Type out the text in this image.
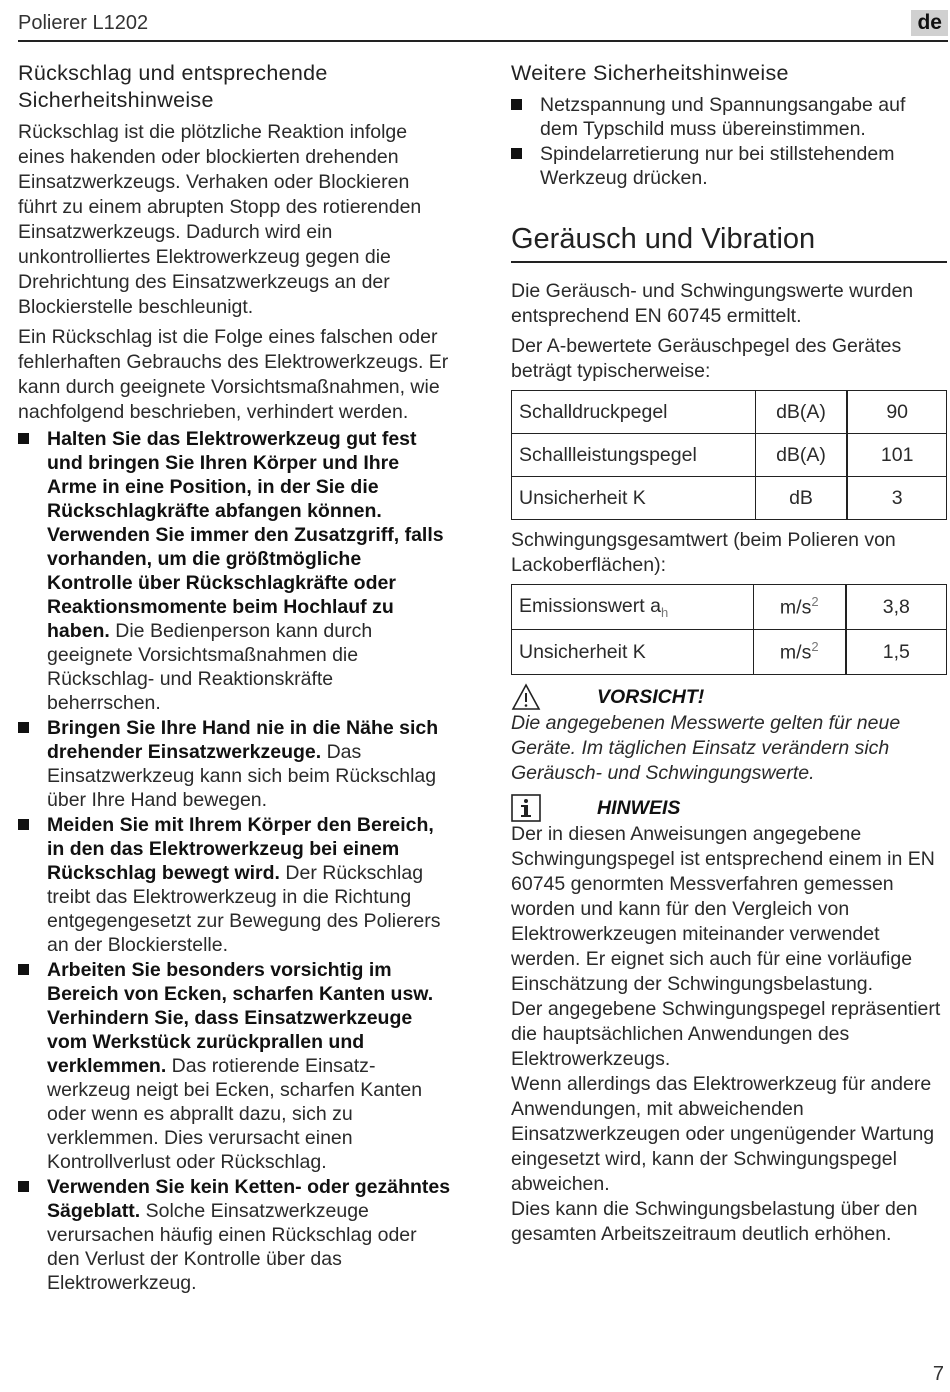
Polierer L1202	de
Rückschlag und entsprechende
Sicherheitshinweise

Rückschlag ist die plötzliche Reaktion infolge eines hakenden oder blockierten drehenden Einsatzwerkzeugs. Verhaken oder Blockieren führt zu einem abrupten Stopp des rotierenden Einsatzwerkzeugs. Dadurch wird ein unkontrolliertes Elektrowerkzeug gegen die Drehrichtung des Einsatzwerkzeugs an der Blockierstelle beschleunigt.

Ein Rückschlag ist die Folge eines falschen oder fehlerhaften Gebrauchs des Elektrowerkzeugs. Er kann durch geeignete Vorsichtsmaßnahmen, wie nachfolgend beschrieben, verhindert werden.

Halten Sie das Elektrowerkzeug gut fest und bringen Sie Ihren Körper und Ihre Arme in eine Position, in der Sie die Rückschlagkräfte abfangen können. Verwenden Sie immer den Zusatzgriff, falls vorhanden, um die größtmögliche Kontrolle über Rückschlagkräfte oder Reaktionsmomente beim Hochlauf zu haben. Die Bedienperson kann durch geeignete Vorsichtsmaßnahmen die Rückschlag- und Reaktionskräfte beherrschen.
Bringen Sie Ihre Hand nie in die Nähe sich drehender Einsatzwerkzeuge. Das Einsatzwerkzeug kann sich beim Rückschlag über Ihre Hand bewegen.
Meiden Sie mit Ihrem Körper den Bereich, in den das Elektrowerkzeug bei einem Rückschlag bewegt wird. Der Rückschlag treibt das Elektrowerkzeug in die Richtung entgegengesetzt zur Bewegung des Polierers an der Blockierstelle.
Arbeiten Sie besonders vorsichtig im Bereich von Ecken, scharfen Kanten usw. Verhindern Sie, dass Einsatzwerkzeuge vom Werkstück zurückprallen und verklemmen. Das rotierende Einsatzwerkzeug neigt bei Ecken, scharfen Kanten oder wenn es abprallt dazu, sich zu verklemmen. Dies verursacht einen Kontrollverlust oder Rückschlag.
Verwenden Sie kein Ketten- oder gezähntes Sägeblatt. Solche Einsatzwerkzeuge verursachen häufig einen Rückschlag oder den Verlust der Kontrolle über das Elektrowerkzeug.
Weitere Sicherheitshinweise
Netzspannung und Spannungsangabe auf dem Typschild muss übereinstimmen.
Spindelarretierung nur bei stillstehendem Werkzeug drücken.
Geräusch und Vibration

Die Geräusch- und Schwingungswerte wurden entsprechend EN 60745 ermittelt.

Der A-bewertete Geräuschpegel des Gerätes beträgt typischerweise:

Schalldruckpegel	dB(A)	90
Schallleistungspegel	dB(A)	101
Unsicherheit K	dB	3

Schwingungsgesamtwert (beim Polieren von Lackoberflächen):

Emissionswert $a_h$	$m/s^2$	3,8
Unsicherheit K	$m/s^2$	1,5
VORSICHT!

Die angegebenen Messwerte gelten für neue Geräte. Im täglichen Einsatz verändern sich Geräusch- und Schwingungswerte.

HINWEIS

Der in diesen Anweisungen angegebene Schwingungspegel ist entsprechend einem in EN 60745 genormten Messverfahren gemessen worden und kann für den Vergleich von Elektrowerkzeugen miteinander verwendet werden. Er eignet sich auch für eine vorläufige Einschätzung der Schwingungsbelastung.

Der angegebene Schwingungspegel repräsentiert die hauptsächlichen Anwendungen des Elektrowerkzeugs.

Wenn allerdings das Elektrowerkzeug für andere Anwendungen, mit abweichenden Einsatzwerkzeugen oder ungenügender Wartung eingesetzt wird, kann der Schwingungspegel abweichen.

Dies kann die Schwingungsbelastung über den gesamten Arbeitszeitraum deutlich erhöhen.

7
